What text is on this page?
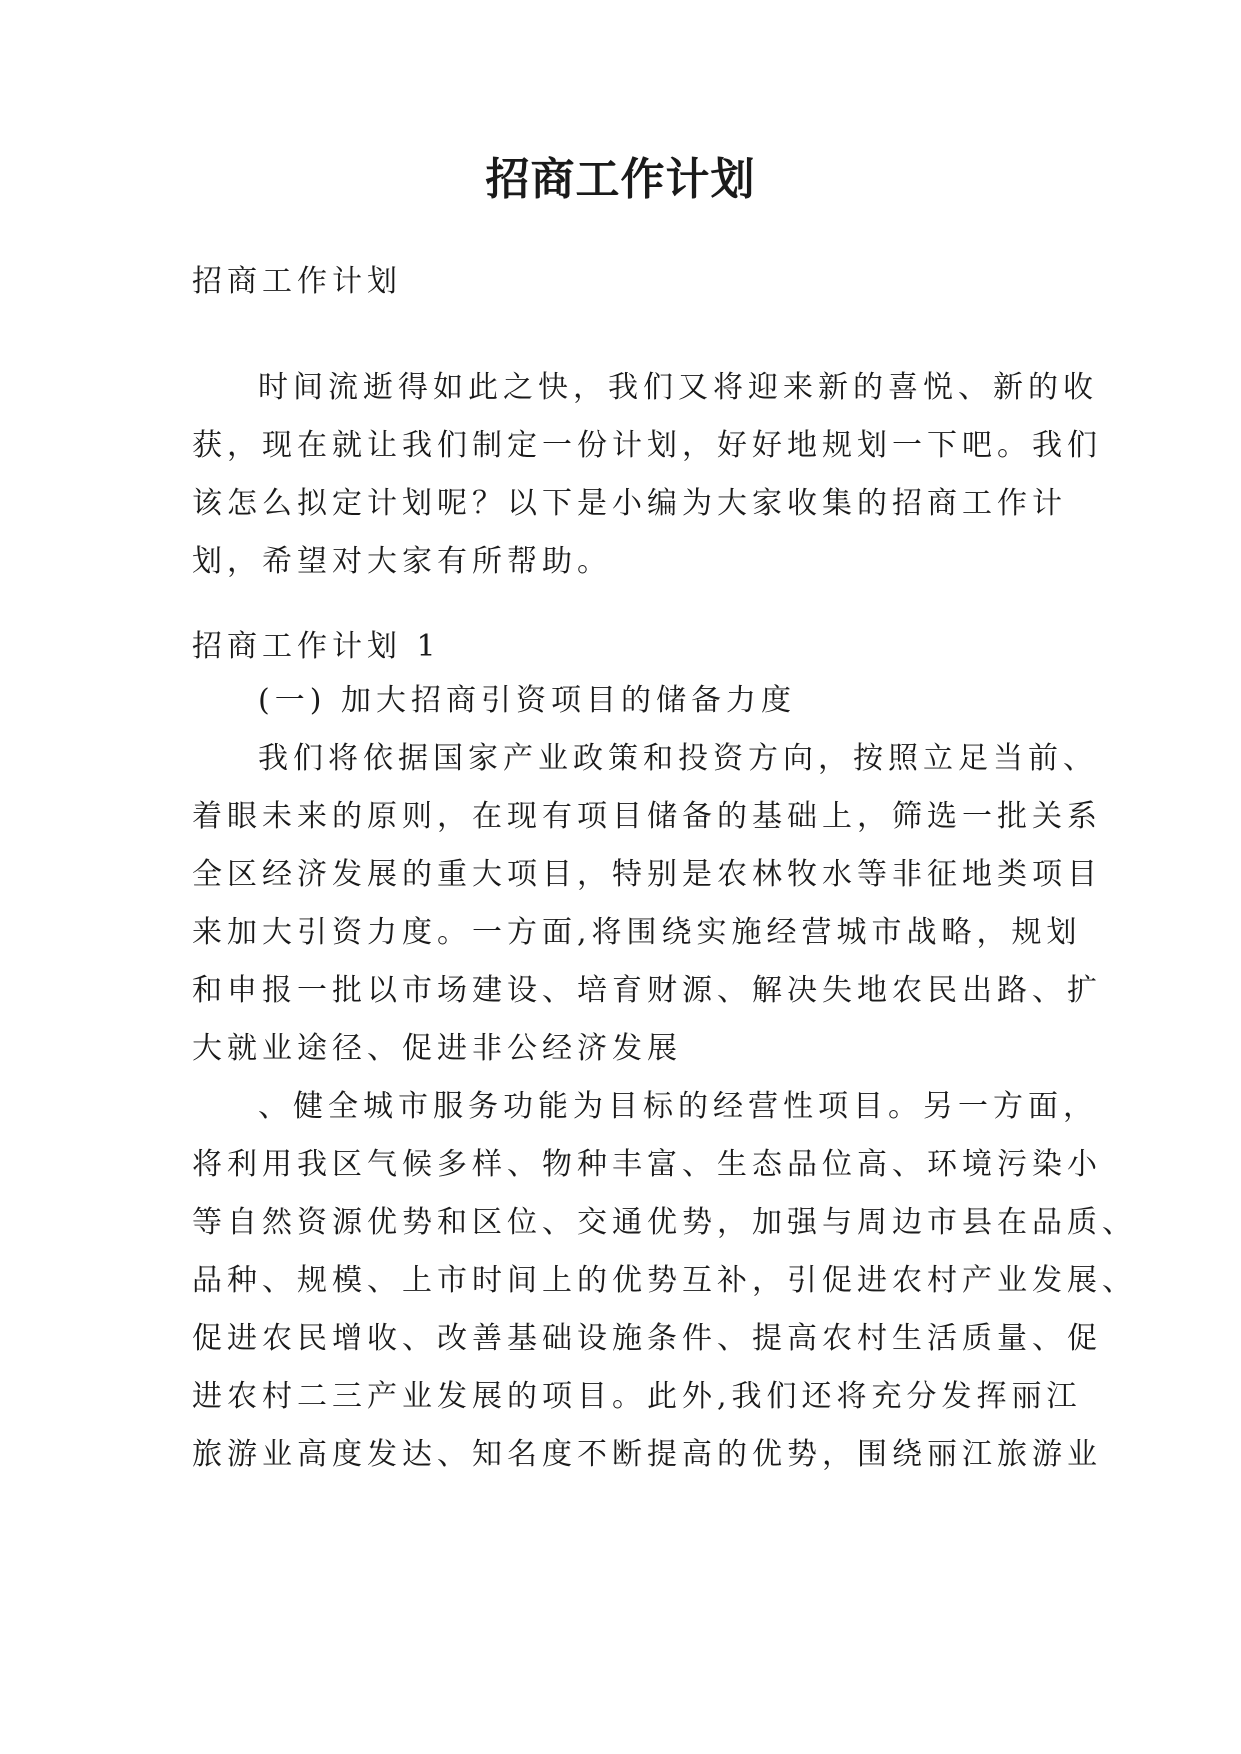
招商工作计划
招商工作计划
时间流逝得如此之快，我们又将迎来新的喜悦、新的收
获，现在就让我们制定一份计划，好好地规划一下吧。我们
该怎么拟定计划呢？以下是小编为大家收集的招商工作计
划，希望对大家有所帮助。
招商工作计划 1
(一) 加大招商引资项目的储备力度
我们将依据国家产业政策和投资方向，按照立足当前、
着眼未来的原则，在现有项目储备的基础上，筛选一批关系
全区经济发展的重大项目，特别是农林牧水等非征地类项目
来加大引资力度。一方面,将围绕实施经营城市战略，规划
和申报一批以市场建设、培育财源、解决失地农民出路、扩
大就业途径、促进非公经济发展
、健全城市服务功能为目标的经营性项目。另一方面，
将利用我区气候多样、物种丰富、生态品位高、环境污染小
等自然资源优势和区位、交通优势，加强与周边市县在品质、
品种、规模、上市时间上的优势互补，引促进农村产业发展、
促进农民增收、改善基础设施条件、提高农村生活质量、促
进农村二三产业发展的项目。此外,我们还将充分发挥丽江
旅游业高度发达、知名度不断提高的优势，围绕丽江旅游业
